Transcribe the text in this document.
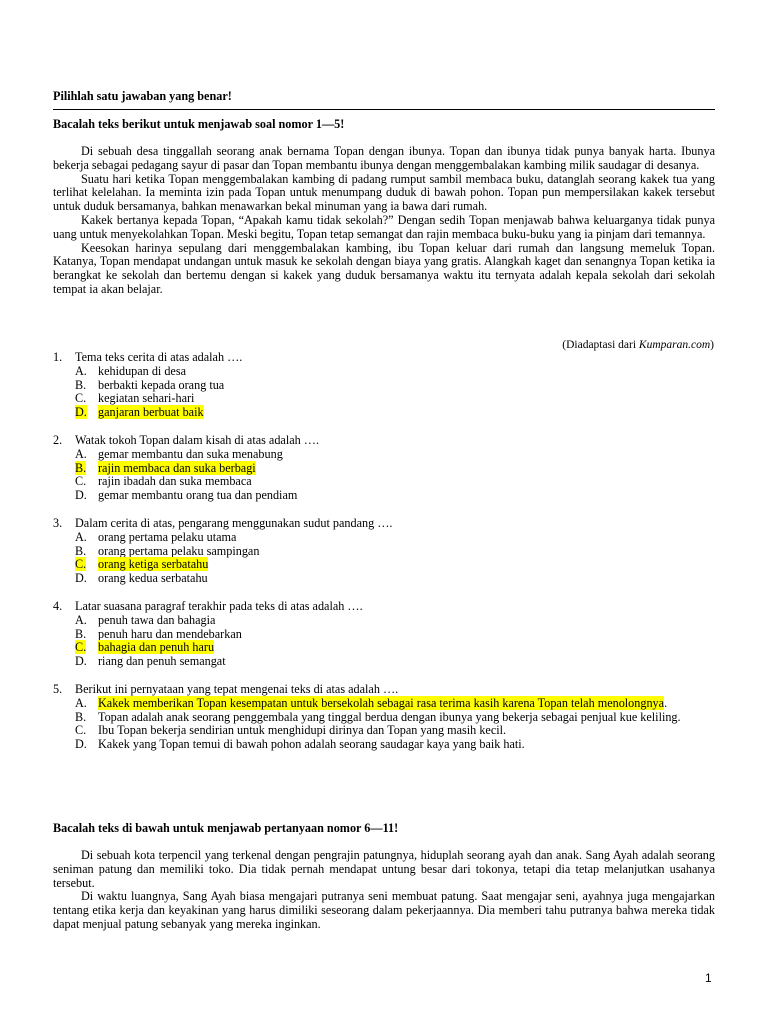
Pilihlah satu jawaban yang benar!
Bacalah teks berikut untuk menjawab soal nomor 1—5!

Di sebuah desa tinggallah seorang anak bernama Topan dengan ibunya. Topan dan ibunya tidak punya banyak harta. Ibunya bekerja sebagai pedagang sayur di pasar dan Topan membantu ibunya dengan menggembalakan kambing milik saudagar di desanya.

Suatu hari ketika Topan menggembalakan kambing di padang rumput sambil membaca buku, datanglah seorang kakek tua yang terlihat kelelahan. Ia meminta izin pada Topan untuk menumpang duduk di bawah pohon. Topan pun mempersilakan kakek tersebut untuk duduk bersamanya, bahkan menawarkan bekal minuman yang ia bawa dari rumah.

Kakek bertanya kepada Topan, “Apakah kamu tidak sekolah?” Dengan sedih Topan menjawab bahwa keluarganya tidak punya uang untuk menyekolahkan Topan. Meski begitu, Topan tetap semangat dan rajin membaca buku-buku yang ia pinjam dari temannya.

Keesokan harinya sepulang dari menggembalakan kambing, ibu Topan keluar dari rumah dan langsung memeluk Topan. Katanya, Topan mendapat undangan untuk masuk ke sekolah dengan biaya yang gratis. Alangkah kaget dan senangnya Topan ketika ia berangkat ke sekolah dan bertemu dengan si kakek yang duduk bersamanya waktu itu ternyata adalah kepala sekolah dari sekolah tempat ia akan belajar.

(Diadaptasi dari Kumparan.com)
1.	Tema teks cerita di atas adalah ….
A. kehidupan di desa
B. berbakti kepada orang tua
C. kegiatan sehari-hari
D. ganjaran berbuat baik
2.	Watak tokoh Topan dalam kisah di atas adalah ….
A. gemar membantu dan suka menabung
B. rajin membaca dan suka berbagi
C. rajin ibadah dan suka membaca
D. gemar membantu orang tua dan pendiam
3.	Dalam cerita di atas, pengarang menggunakan sudut pandang ….
A. orang pertama pelaku utama
B. orang pertama pelaku sampingan
C. orang ketiga serbatahu
D. orang kedua serbatahu
4.	Latar suasana paragraf terakhir pada teks di atas adalah ….
A. penuh tawa dan bahagia
B. penuh haru dan mendebarkan
C. bahagia dan penuh haru
D. riang dan penuh semangat
5.	Berikut ini pernyataan yang tepat mengenai teks di atas adalah ….
A. Kakek memberikan Topan kesempatan untuk bersekolah sebagai rasa terima kasih karena Topan telah menolongnya.
B. Topan adalah anak seorang penggembala yang tinggal berdua dengan ibunya yang bekerja sebagai penjual kue keliling.
C. Ibu Topan bekerja sendirian untuk menghidupi dirinya dan Topan yang masih kecil.
D. Kakek yang Topan temui di bawah pohon adalah seorang saudagar kaya yang baik hati.
Bacalah teks di bawah untuk menjawab pertanyaan nomor 6—11!

Di sebuah kota terpencil yang terkenal dengan pengrajin patungnya, hiduplah seorang ayah dan anak. Sang Ayah adalah seorang seniman patung dan memiliki toko. Dia tidak pernah mendapat untung besar dari tokonya, tetapi dia tetap melanjutkan usahanya tersebut.

Di waktu luangnya, Sang Ayah biasa mengajari putranya seni membuat patung. Saat mengajar seni, ayahnya juga mengajarkan tentang etika kerja dan keyakinan yang harus dimiliki seseorang dalam pekerjaannya. Dia memberi tahu putranya bahwa mereka tidak dapat menjual patung sebanyak yang mereka inginkan.

1
